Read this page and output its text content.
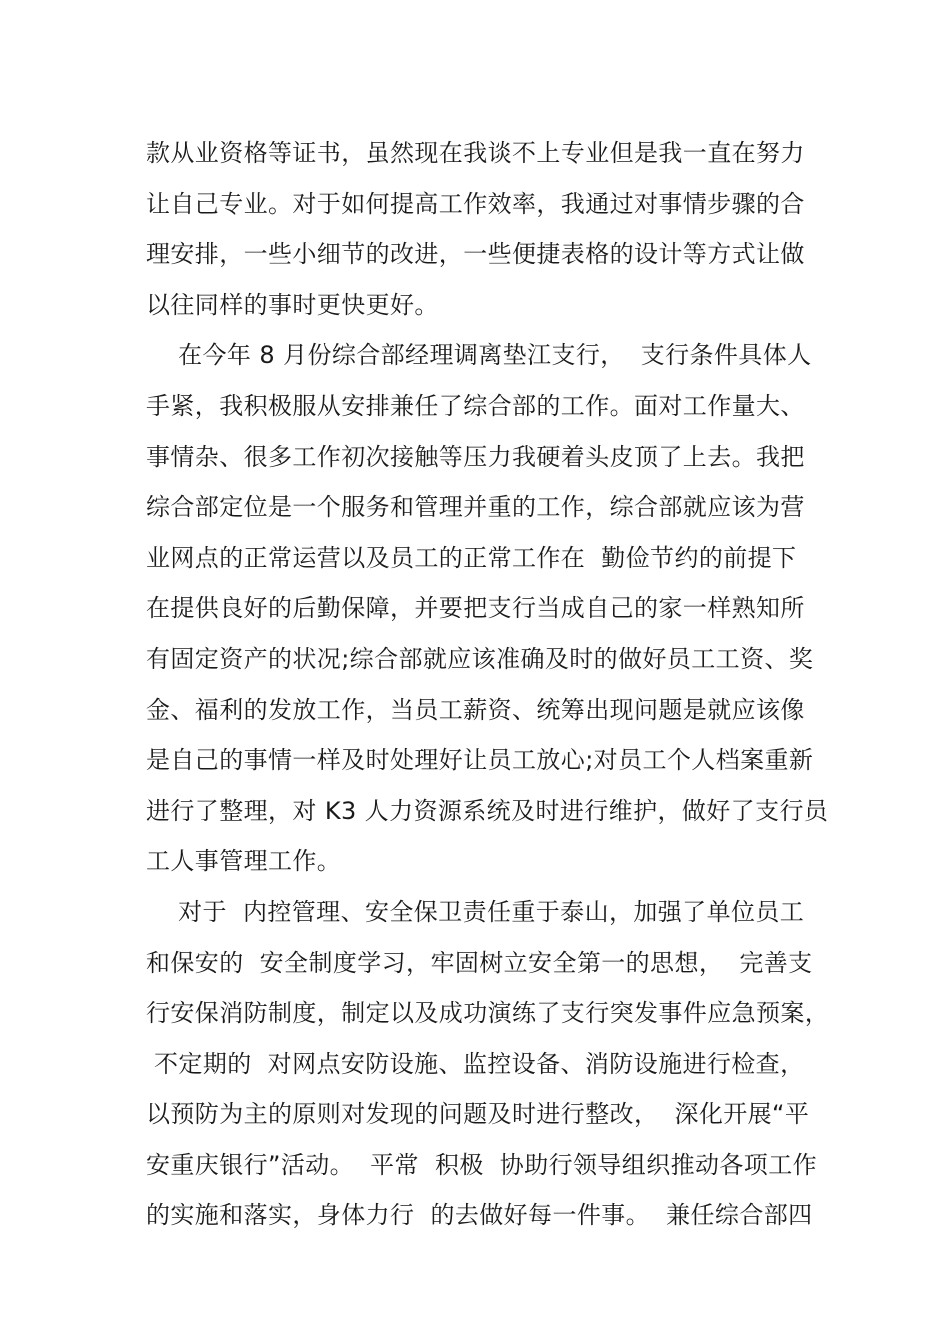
款从业资格等证书，虽然现在我谈不上专业但是我一直在努力
让自己专业。对于如何提高工作效率，我通过对事情步骤的合
理安排，一些小细节的改进，一些便捷表格的设计等方式让做
以往同样的事时更快更好。
在今年 8 月份综合部经理调离垫江支行，  支行条件具体人
手紧，我积极服从安排兼任了综合部的工作。面对工作量大、
事情杂、很多工作初次接触等压力我硬着头皮顶了上去。我把
综合部定位是一个服务和管理并重的工作，综合部就应该为营
业网点的正常运营以及员工的正常工作在  勤俭节约的前提下
在提供良好的后勤保障，并要把支行当成自己的家一样熟知所
有固定资产的状况;综合部就应该准确及时的做好员工工资、奖
金、福利的发放工作，当员工薪资、统筹出现问题是就应该像
是自己的事情一样及时处理好让员工放心;对员工个人档案重新
进行了整理，对 K3 人力资源系统及时进行维护，做好了支行员
工人事管理工作。
对于  内控管理、安全保卫责任重于泰山，加强了单位员工
和保安的  安全制度学习，牢固树立安全第一的思想，  完善支
行安保消防制度，制定以及成功演练了支行突发事件应急预案，
不定期的  对网点安防设施、监控设备、消防设施进行检查，
以预防为主的原则对发现的问题及时进行整改，  深化开展“平
安重庆银行”活动。  平常  积极  协助行领导组织推动各项工作
的实施和落实，身体力行  的去做好每一件事。  兼任综合部四
